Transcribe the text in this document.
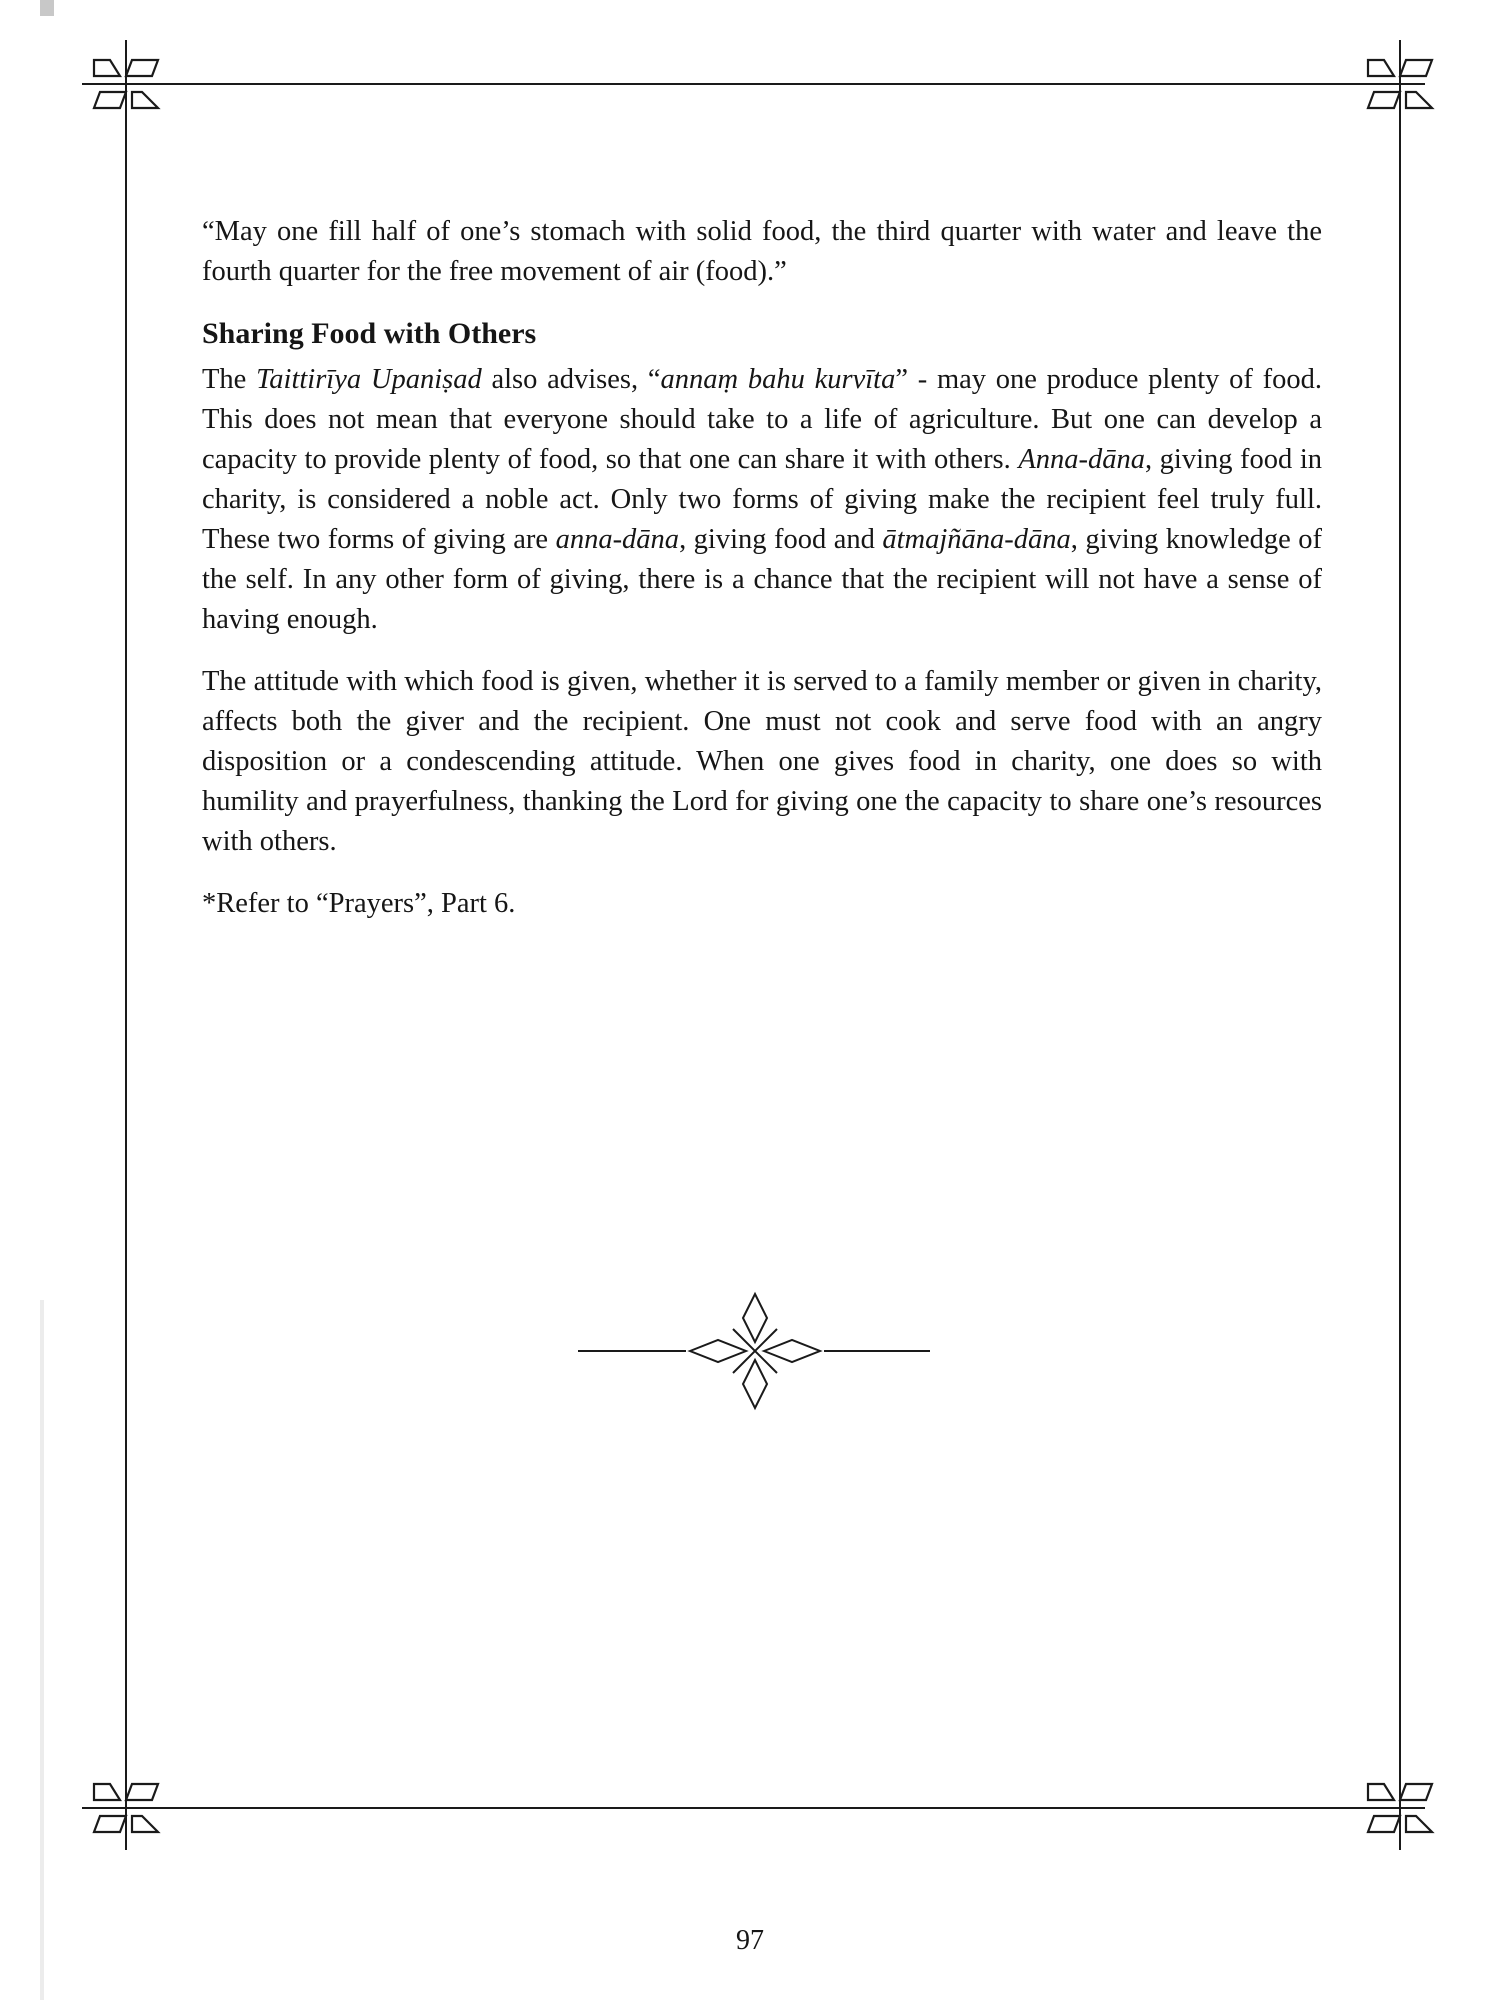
“May one fill half of one’s stomach with solid food, the third quarter with water and leave the fourth quarter for the free movement of air (food).”

Sharing Food with Others

The Taittirīya Upaniṣad also advises, “annaṃ bahu kurvīta” - may one produce plenty of food. This does not mean that everyone should take to a life of agriculture. But one can develop a capacity to provide plenty of food, so that one can share it with others. Anna-dāna, giving food in charity, is considered a noble act. Only two forms of giving make the recipient feel truly full. These two forms of giving are anna-dāna, giving food and ātmajñāna-dāna, giving knowledge of the self. In any other form of giving, there is a chance that the recipient will not have a sense of having enough.

The attitude with which food is given, whether it is served to a family member or given in charity, affects both the giver and the recipient. One must not cook and serve food with an angry disposition or a condescending attitude. When one gives food in charity, one does so with humility and prayerfulness, thanking the Lord for giving one the capacity to share one’s resources with others.

*Refer to “Prayers”, Part 6.

97
